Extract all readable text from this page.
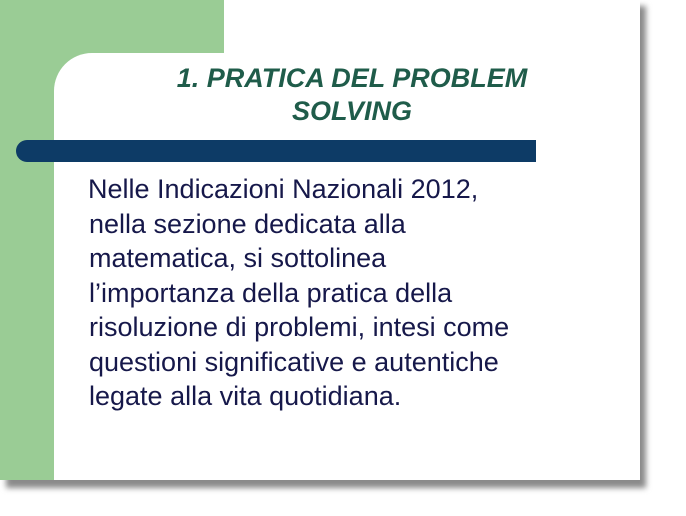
1. PRATICA DEL PROBLEM
SOLVING
Nelle Indicazioni Nazionali 2012,
nella sezione dedicata alla
matematica, si sottolinea
l’importanza della pratica della
risoluzione di problemi, intesi come
questioni significative e autentiche
legate alla vita quotidiana.
